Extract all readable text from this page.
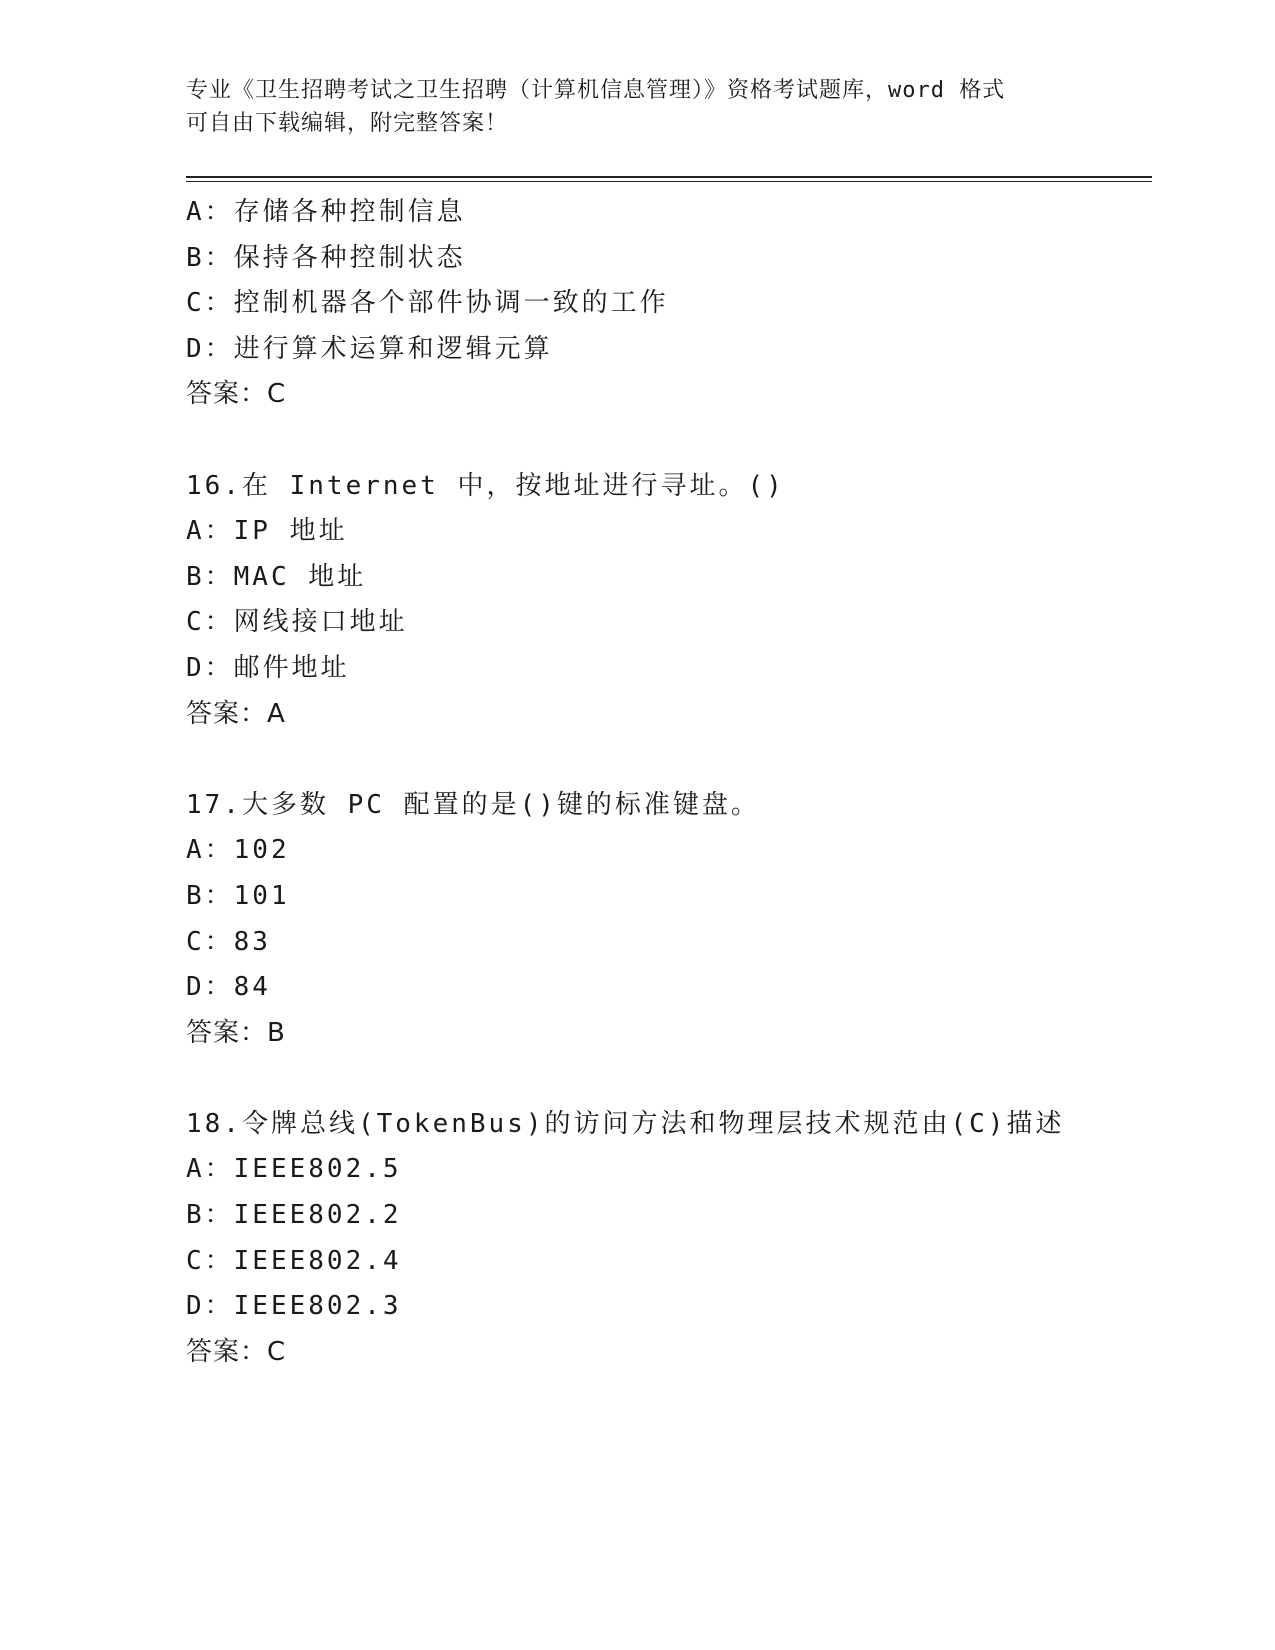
专业《卫生招聘考试之卫生招聘（计算机信息管理）》资格考试题库，word 格式
可自由下载编辑，附完整答案！
A：存储各种控制信息
B：保持各种控制状态
C：控制机器各个部件协调一致的工作
D：进行算术运算和逻辑元算
答案：C
16.在 Internet 中，按地址进行寻址。()
A：IP 地址
B：MAC 地址
C：网线接口地址
D：邮件地址
答案：A
17.大多数 PC 配置的是()键的标准键盘。
A：102
B：101
C：83
D：84
答案：B
18.令牌总线(TokenBus)的访问方法和物理层技术规范由(C)描述
A：IEEE802.5
B：IEEE802.2
C：IEEE802.4
D：IEEE802.3
答案：C
